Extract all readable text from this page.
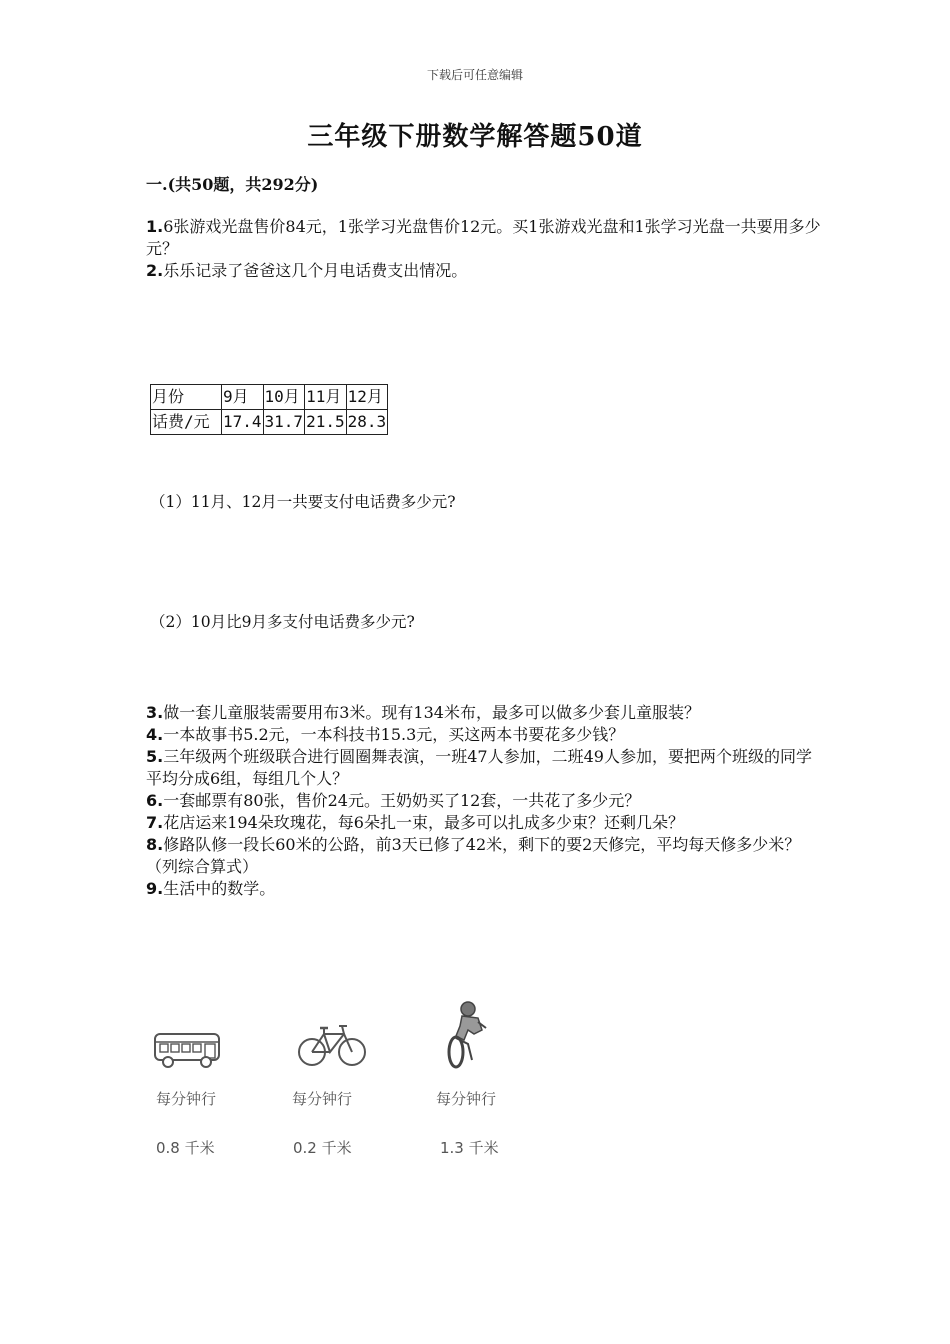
下载后可任意编辑
三年级下册数学解答题50道
一.(共50题，共292分)
1.6张游戏光盘售价84元，1张学习光盘售价12元。买1张游戏光盘和1张学习光盘一共要用多少元？
2.乐乐记录了爸爸这几个月电话费支出情况。
月份	9月	10月	11月	12月
话费/元	17.4	31.7	21.5	28.3
（1）11月、12月一共要支付电话费多少元?
（2）10月比9月多支付电话费多少元?
3.做一套儿童服装需要用布3米。现有134米布，最多可以做多少套儿童服装？
4.一本故事书5.2元，一本科技书15.3元，买这两本书要花多少钱？
5.三年级两个班级联合进行圆圈舞表演，一班47人参加，二班49人参加，要把两个班级的同学平均分成6组，每组几个人？
6.一套邮票有80张，售价24元。王奶奶买了12套，一共花了多少元？
7.花店运来194朵玫瑰花，每6朵扎一束，最多可以扎成多少束？还剩几朵？
8.修路队修一段长60米的公路，前3天已修了42米，剩下的要2天修完，平均每天修多少米？（列综合算式）
9.生活中的数学。
每分钟行	每分钟行	每分钟行
0.8 千米	0.2 千米	1.3 千米
